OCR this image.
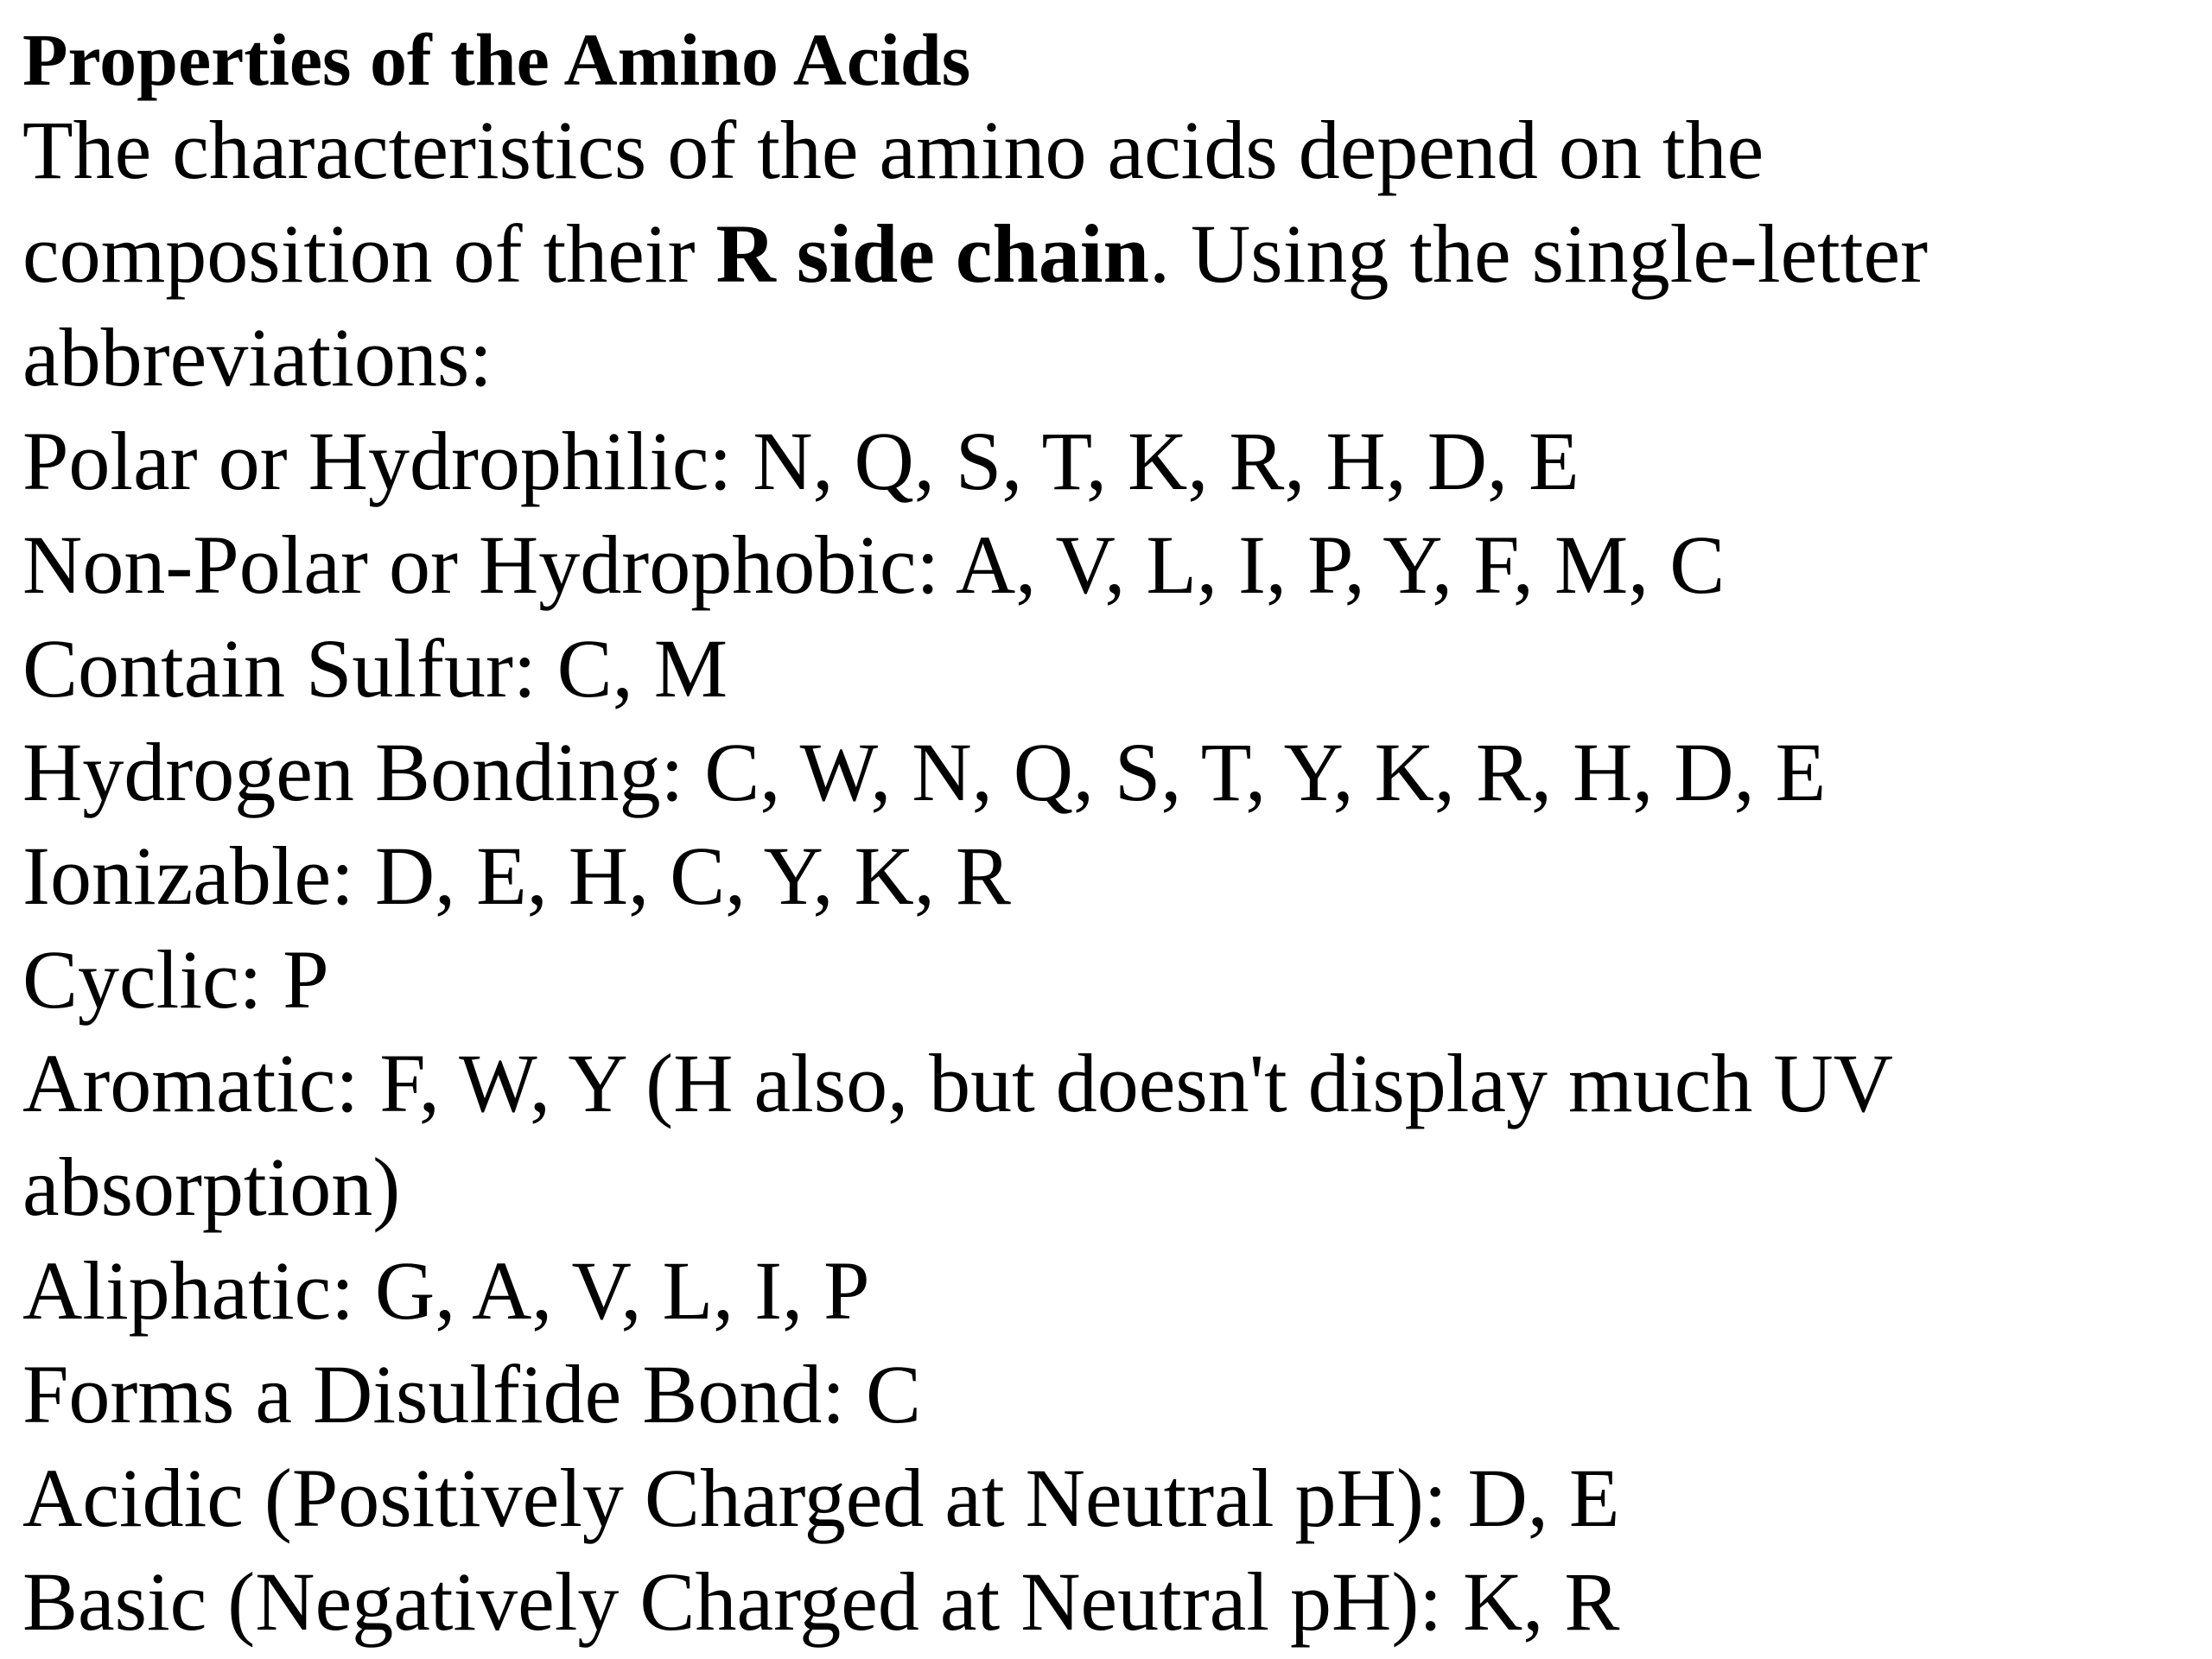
Properties of the Amino Acids

The characteristics of the amino acids depend on the composition of their R side chain. Using the single-letter abbreviations:

Polar or Hydrophilic: N, Q, S, T, K, R, H, D, E
Non-Polar or Hydrophobic: A, V, L, I, P, Y, F, M, C
Contain Sulfur: C, M
Hydrogen Bonding: C, W, N, Q, S, T, Y, K, R, H, D, E
Ionizable: D, E, H, C, Y, K, R
Cyclic: P
Aromatic: F, W, Y (H also, but doesn't display much UV absorption)
Aliphatic: G, A, V, L, I, P
Forms a Disulfide Bond: C
Acidic (Positively Charged at Neutral pH): D, E
Basic (Negatively Charged at Neutral pH): K, R
